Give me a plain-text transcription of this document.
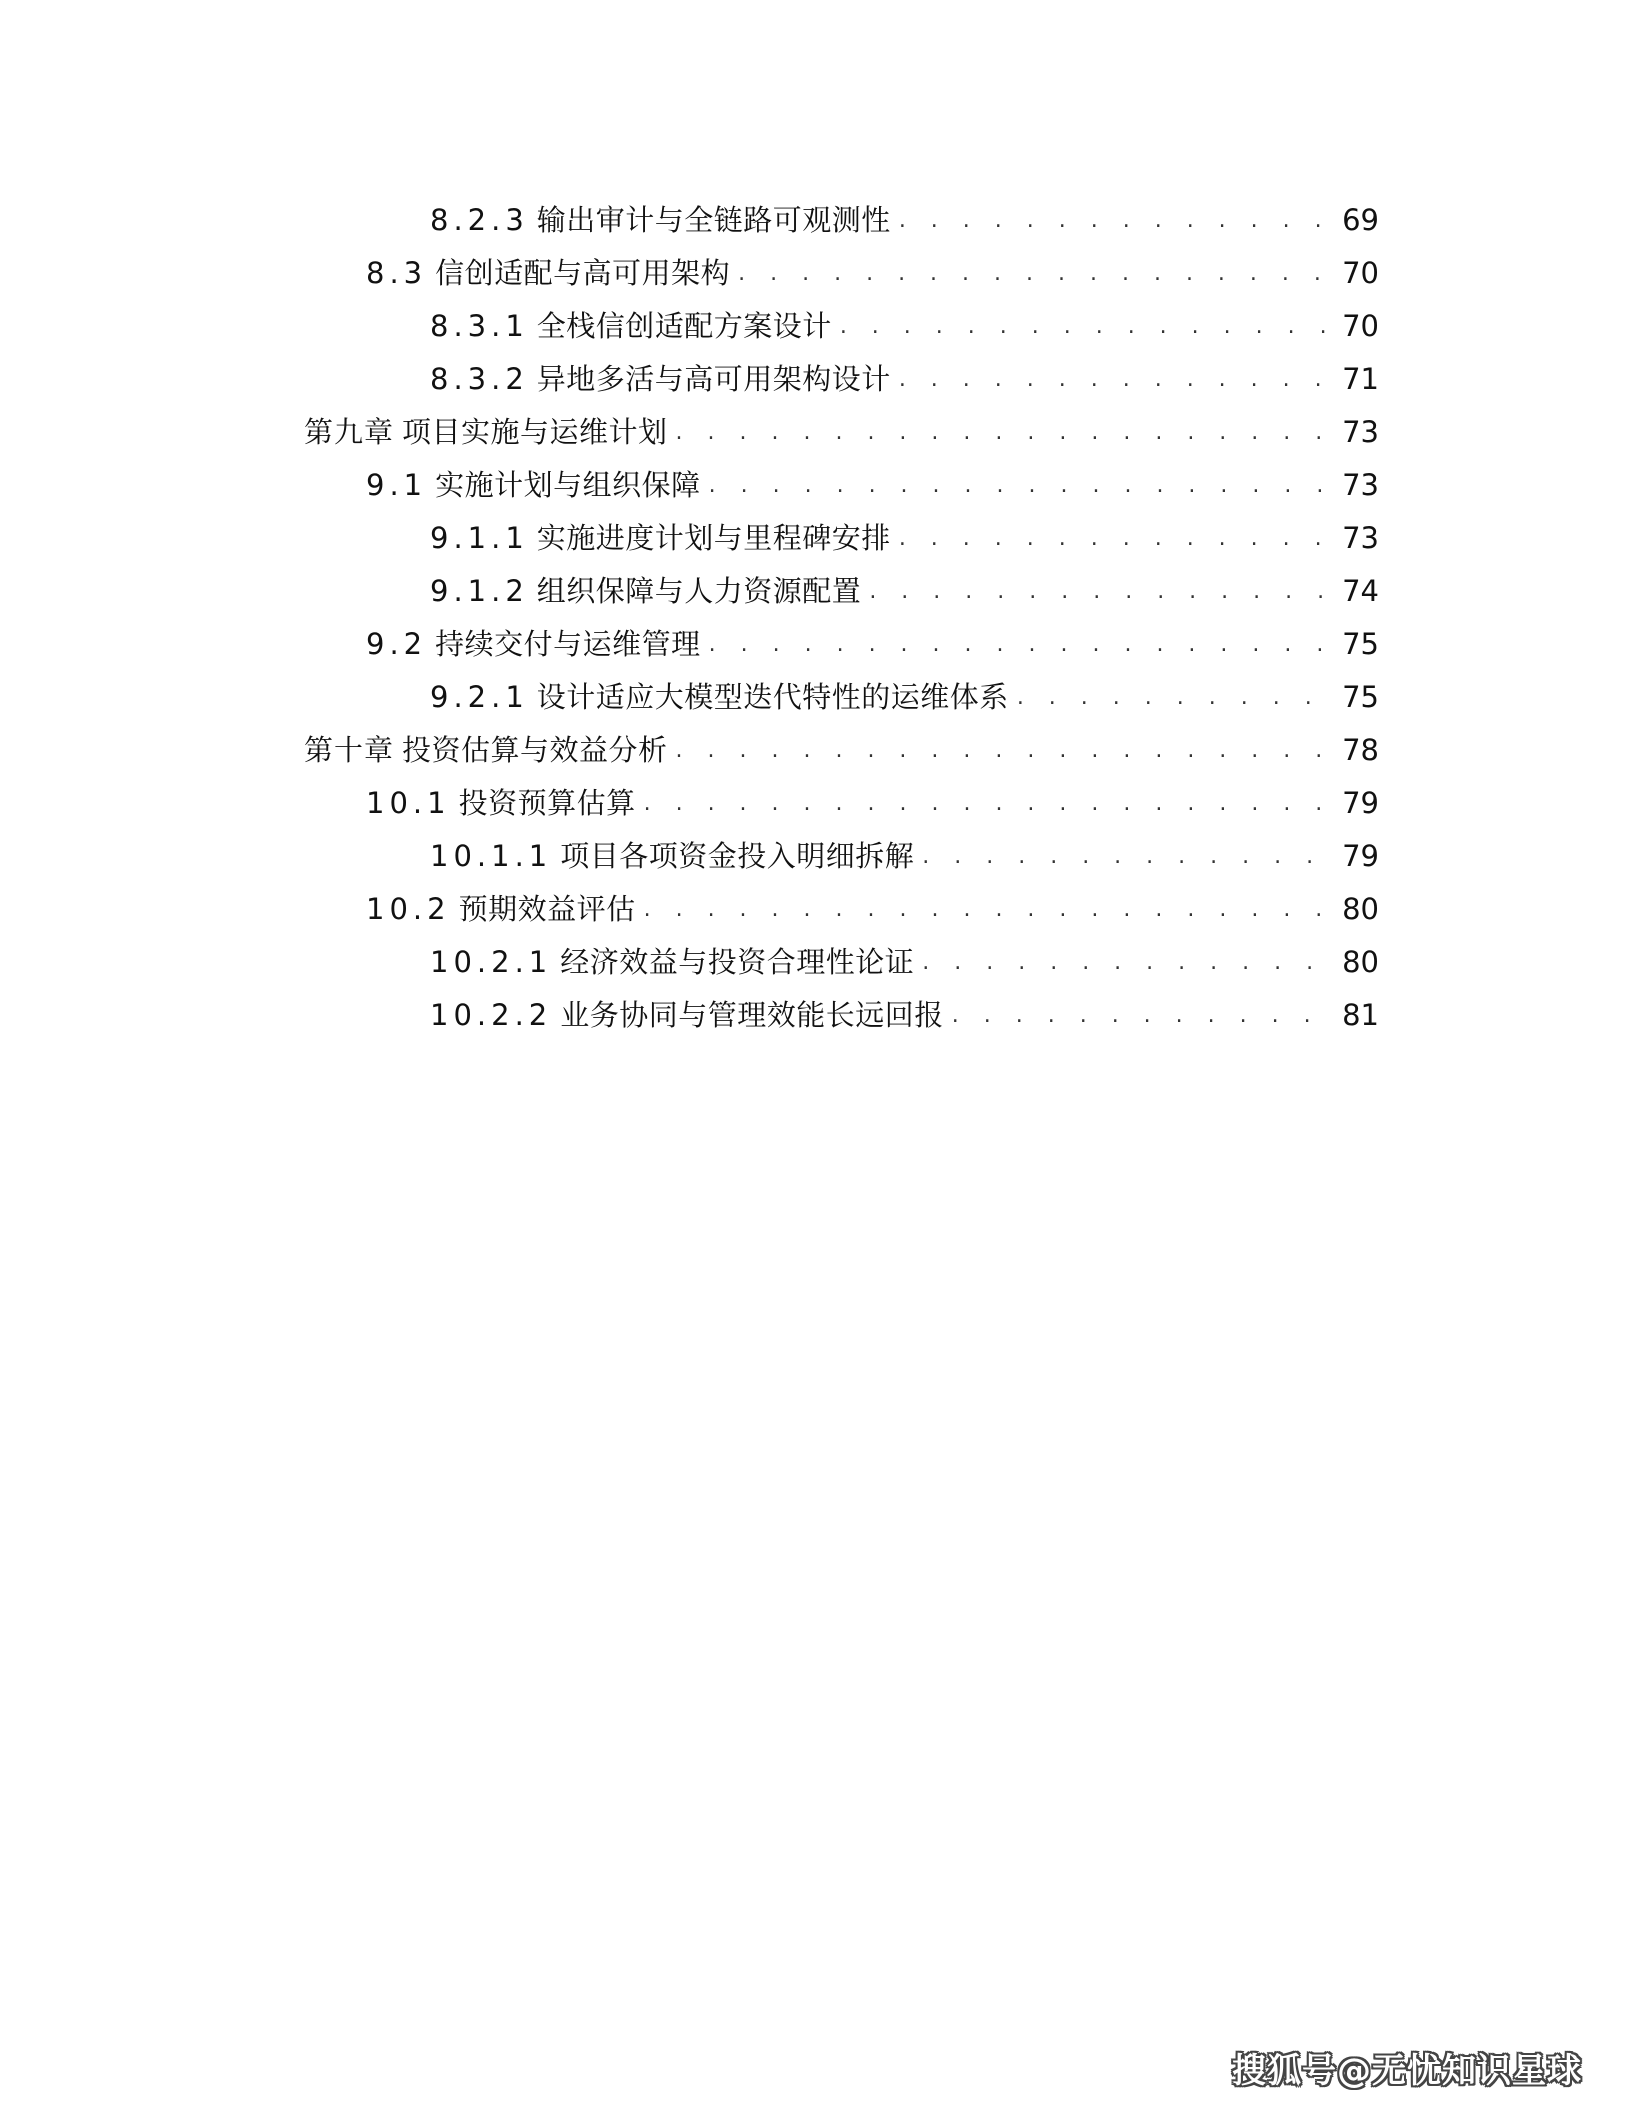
8.2.3 输出审计与全链路可观测性 . . .	69
8.3 信创适配与高可用架构 . . .	70
8.3.1 全栈信创适配方案设计 . . .	70
8.3.2 异地多活与高可用架构设计 . . .	71
第九章 项目实施与运维计划 . . .	73
9.1 实施计划与组织保障 . . .	73
9.1.1 实施进度计划与里程碑安排 . . .	73
9.1.2 组织保障与人力资源配置 . . .	74
9.2 持续交付与运维管理 . . .	75
9.2.1 设计适应大模型迭代特性的运维体系 . . .	75
第十章 投资估算与效益分析 . . .	78
10.1 投资预算估算 . . .	79
10.1.1 项目各项资金投入明细拆解 . . .	79
10.2 预期效益评估 . . .	80
10.2.1 经济效益与投资合理性论证 . . .	80
10.2.2 业务协同与管理效能长远回报 . . .	81
搜狐号@无忧知识星球
